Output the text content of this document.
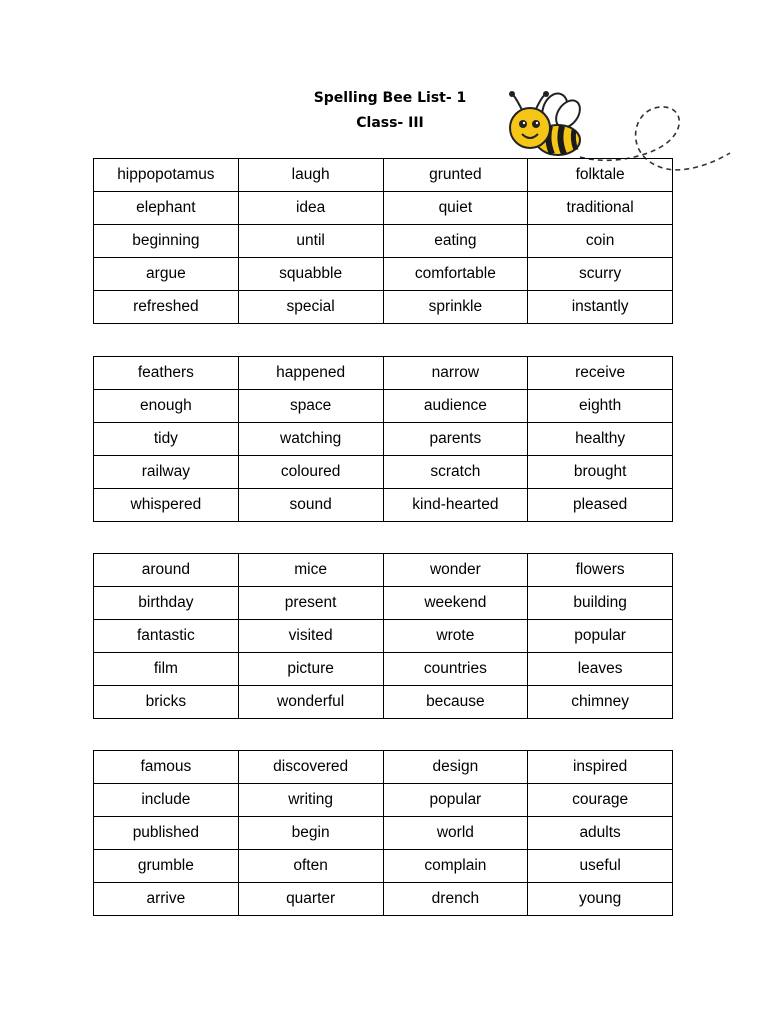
Spelling Bee List- 1
Class- III
hippopotamus	laugh	grunted	folktale
elephant	idea	quiet	traditional
beginning	until	eating	coin
argue	squabble	comfortable	scurry
refreshed	special	sprinkle	instantly
feathers	happened	narrow	receive
enough	space	audience	eighth
tidy	watching	parents	healthy
railway	coloured	scratch	brought
whispered	sound	kind-hearted	pleased
around	mice	wonder	flowers
birthday	present	weekend	building
fantastic	visited	wrote	popular
film	picture	countries	leaves
bricks	wonderful	because	chimney
famous	discovered	design	inspired
include	writing	popular	courage
published	begin	world	adults
grumble	often	complain	useful
arrive	quarter	drench	young
